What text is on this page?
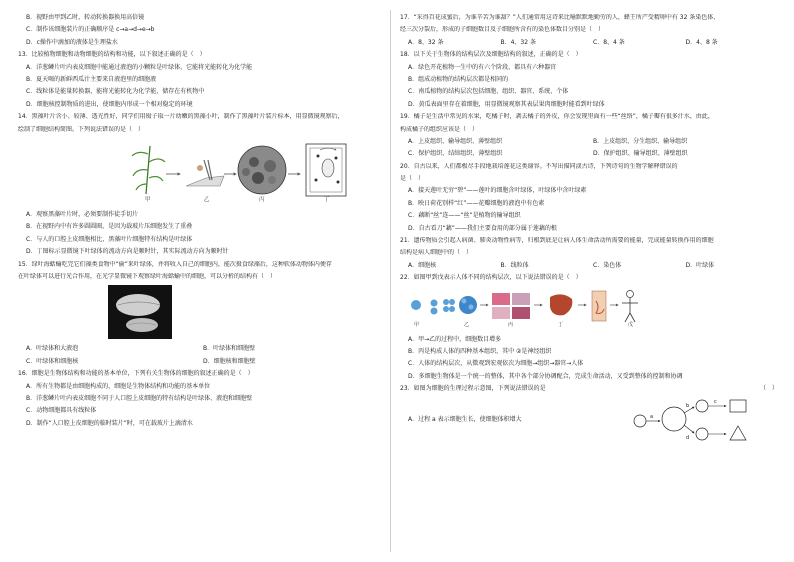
B．视野由甲到乙时，转动转换器换用高倍镜

C．制作该细胞装片的正确顺序是 c→a→d→e→b

D．c操作中滴加的液体是生理盐水

13．比较植物细胞和动物细胞的结构和功能，以下叙述正确的是（　）

A．洋葱鳞片叶内表皮细胞中能通过液泡的小颗粒是叶绿体，它能将光能转化为化学能

B．夏天喝的新鲜西瓜汁主要来自液泡里的细胞液

C．线粒体是能量转换器，能将光能转化为化学能，储存在有机物中

D．细胞核控制物质的进出，使细胞内形成一个相对稳定的环境

14．黑藻叶片含小、较薄、透光性好，同学们用镊子取一片幼嫩的黑藻小叶，制作了黑藻叶片装片标本，用显微镜观察后，

绘制了细胞结构简图。下列说法错误的是（　）

甲	乙	丙	丁

A．观察黑藻叶片时，必须要制作徒手切片

B．在视野内中有许多圆圆圈，是因为载玻片压细胞发生了重叠

C．与人的口腔上皮细胞相比，黑藻叶片细胞特有结构是叶绿体

D．丁图标示显微镜下叶绿体的流动方向是顺时针，其实际流动方向为顺时针

15．绿叶海蛞蝓吃完它们藻类食物中“偷”来叶绿体，并将收入自己的细胞内，能次摄食绿藻后，这种软体动物体内便存

在叶绿体可以进行光合作用，在光学显微镜下观察绿叶海蛞蝓中的细胞，可以分析的结构有（　）

A．叶绿体和大液泡	B．叶绿体和细胞壁
C．叶绿体和细胞核	D．细胞核和细胞壁

16．细胞是生物体结构和功能的基本单位，下列有关生物体的细胞的叙述正确的是（　）

A．所有生物都是由细胞构成的，细胞是生物体结构和功能的基本单位

B．洋葱鳞片叶内表皮细胞不同于人口腔上皮细胞的特有结构是叶绿体、液泡和细胞壁

C．动物细胞都具有线粒体

D．制作“人口腔上皮细胞的临时装片”时，可在载玻片上滴清水

17．“采得百花成蜜后，为谁辛苦为谁甜？”人们通常用这诗来比喻默默地勤劳的人，蜂王所产受精卵中有 32 条染色体，

经三次分裂后，形成的子细胞数目及子细胞所含有的染色体数目分别是（　）

A．8、32 条	B．4、32 条	C．8、4 条	D．4、8 条

18．以下关于生物体的结构层次及细胞结构的叙述，正确的是（　）

A．绿色开花植物一生中的有六个阶段，都具有六种器官

B．组成动植物的结构层次都是相同的

C．南瓜植物的结构层次包括细胞、组织、器官、系统、个体

D．黄瓜表面里存在着细胞，用显微镜观察其表层果肉细胞时能看到叶绿体

19．橘子是生活中常见的水果，吃橘子时，剥去橘子的外皮，你会发现里面有一些“丝络”，橘子瓣有很多汁水，由此，

构成橘子的组织应该是（　）

A．上皮组织、输导组织、薄壁组织	B．上皮组织、分生组织、输导组织
C．保护组织、结缔组织、薄壁组织	D．保护组织、输导组织、薄壁组织

20．自古以来，人们都极尽手段地栽培莲花这类谢容。不写出描同淡古诗，下列诗句的生物学解释错误的

是（　）

A．接天莲叶无穷“碧”——莲叶的细胞含叶绿体，叶绿体中含叶绿素

B．映日荷花别样“红”——花瓣细胞的液泡中有色素

C．藕断“丝”连——“丝”是植物的输导组织

D．自古看刀“藕”——我们主要食用的部分属于莲藕的根

21．遗传物质会引起人病菌、肺炎动物性病等，归根到底是让病人体生命活动所需要的能量，完成能量转换作用的细胞

结构是病人细胞中的（　）

A．细胞核	B．线粒体	C．染色体	D．叶绿体

22．如图甲到戊表示人体不同的结构层次，以下说法错误的是（　）

甲	乙	丙	丁	戊

A．甲→乙的过程中，细胞数目增多

B．丙是构成人体的四种基本组织，其中 ②是神经组织

C．人体的结构层次，从微观到宏观依次为细胞→组织→器官→人体

D．多细胞生物体是一个统一的整体，其中各个部分协调配合，完成生命活动，又受到整体的控制和协调

23．如图为细胞的生理过程示意图，下列说法错误的是	（　）

A．过程 a 表示细胞生长，使细胞体积增大	a
b
c
d
